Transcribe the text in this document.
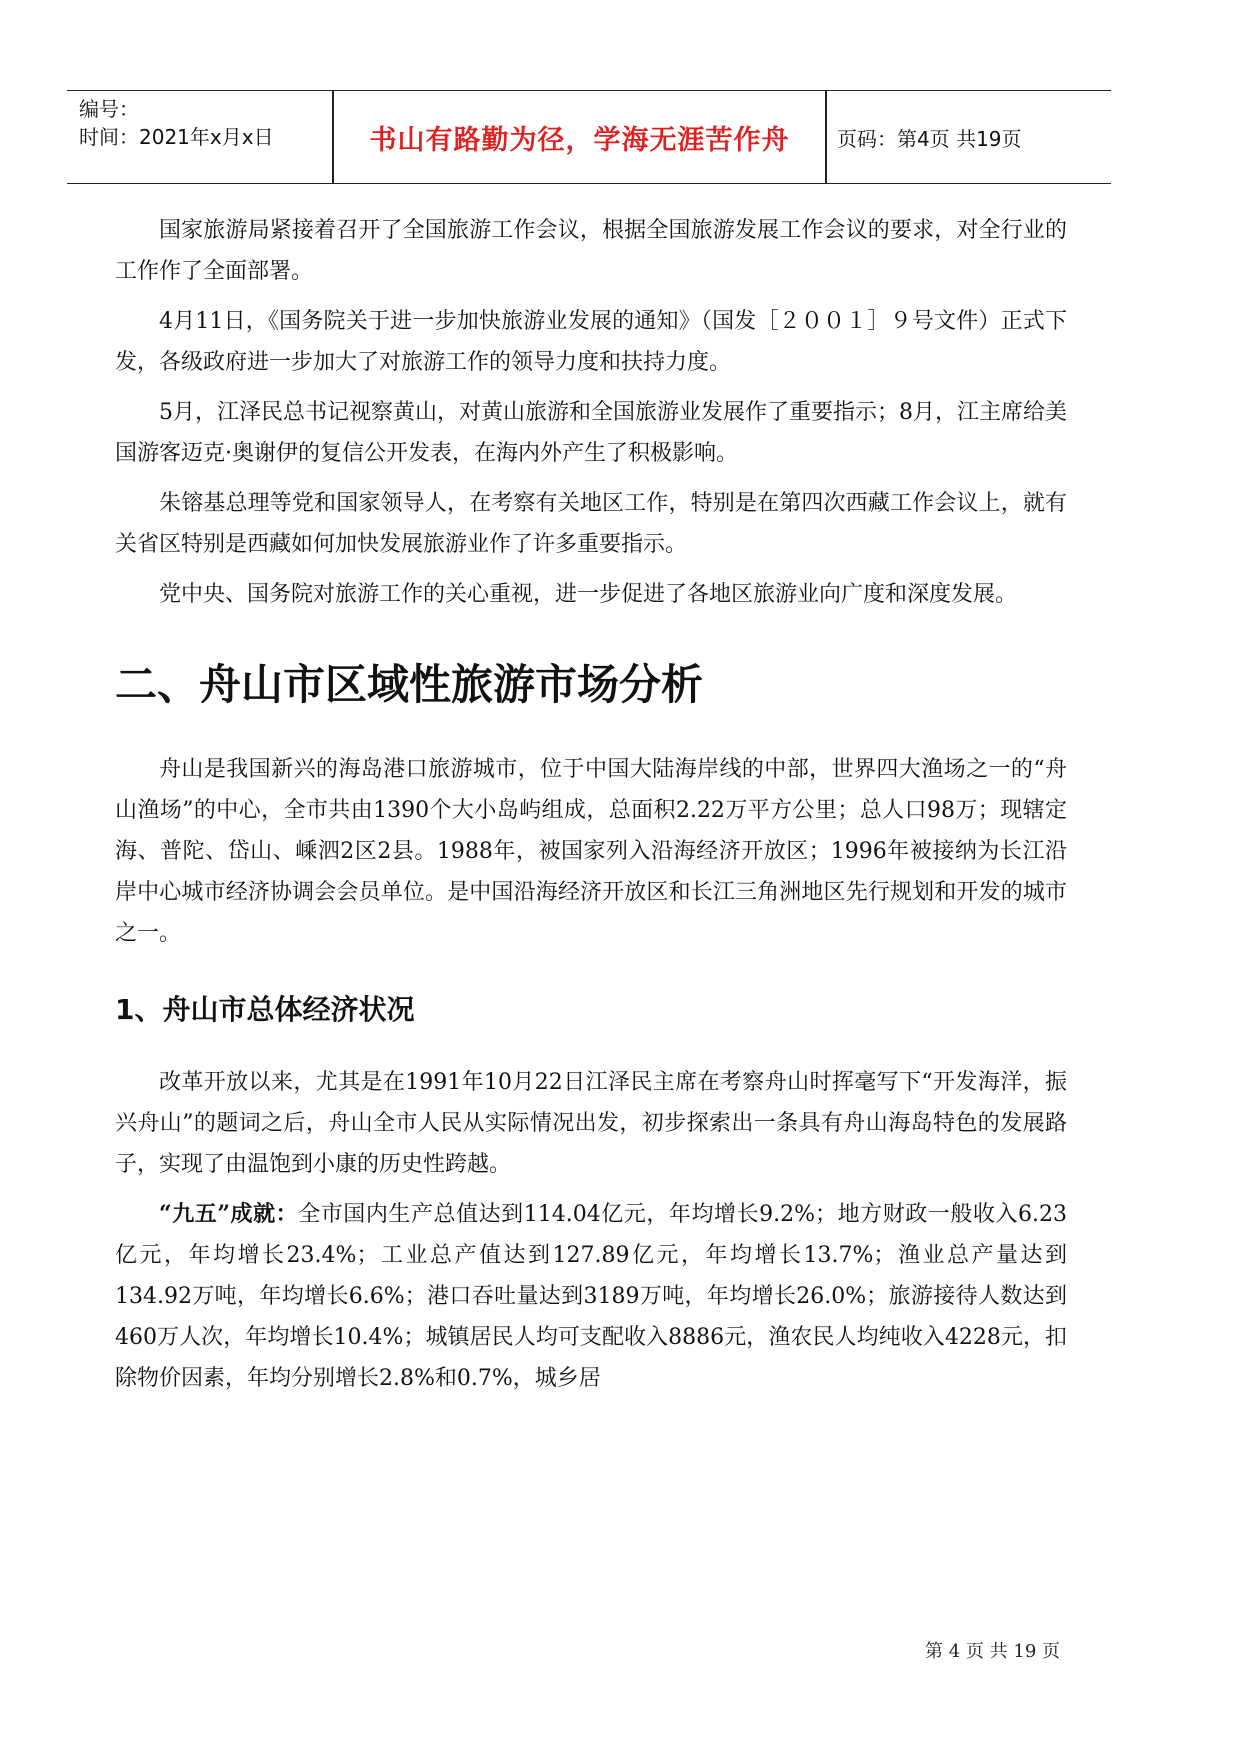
编号：
时间：2021年x月x日	书山有路勤为径，学海无涯苦作舟	页码：第4页 共19页

国家旅游局紧接着召开了全国旅游工作会议，根据全国旅游发展工作会议的要求，对全行业的工作作了全面部署。

4月11日，《国务院关于进一步加快旅游业发展的通知》（国发［２００１］９号文件）正式下发，各级政府进一步加大了对旅游工作的领导力度和扶持力度。

5月，江泽民总书记视察黄山，对黄山旅游和全国旅游业发展作了重要指示；8月，江主席给美国游客迈克·奥谢伊的复信公开发表，在海内外产生了积极影响。

朱镕基总理等党和国家领导人，在考察有关地区工作，特别是在第四次西藏工作会议上，就有关省区特别是西藏如何加快发展旅游业作了许多重要指示。

党中央、国务院对旅游工作的关心重视，进一步促进了各地区旅游业向广度和深度发展。

二、舟山市区域性旅游市场分析

舟山是我国新兴的海岛港口旅游城市，位于中国大陆海岸线的中部，世界四大渔场之一的“舟山渔场”的中心，全市共由1390个大小岛屿组成，总面积2.22万平方公里；总人口98万；现辖定海、普陀、岱山、嵊泗2区2县。1988年，被国家列入沿海经济开放区；1996年被接纳为长江沿岸中心城市经济协调会会员单位。是中国沿海经济开放区和长江三角洲地区先行规划和开发的城市之一。

1、舟山市总体经济状况

改革开放以来，尤其是在1991年10月22日江泽民主席在考察舟山时挥毫写下“开发海洋，振兴舟山”的题词之后，舟山全市人民从实际情况出发，初步探索出一条具有舟山海岛特色的发展路子，实现了由温饱到小康的历史性跨越。

“九五”成就：全市国内生产总值达到114.04亿元，年均增长9.2%；地方财政一般收入6.23亿元，年均增长23.4%；工业总产值达到127.89亿元，年均增长13.7%；渔业总产量达到134.92万吨，年均增长6.6%；港口吞吐量达到3189万吨，年均增长26.0%；旅游接待人数达到460万人次，年均增长10.4%；城镇居民人均可支配收入8886元，渔农民人均纯收入4228元，扣除物价因素，年均分别增长2.8%和0.7%，城乡居

第 4 页 共 19 页
